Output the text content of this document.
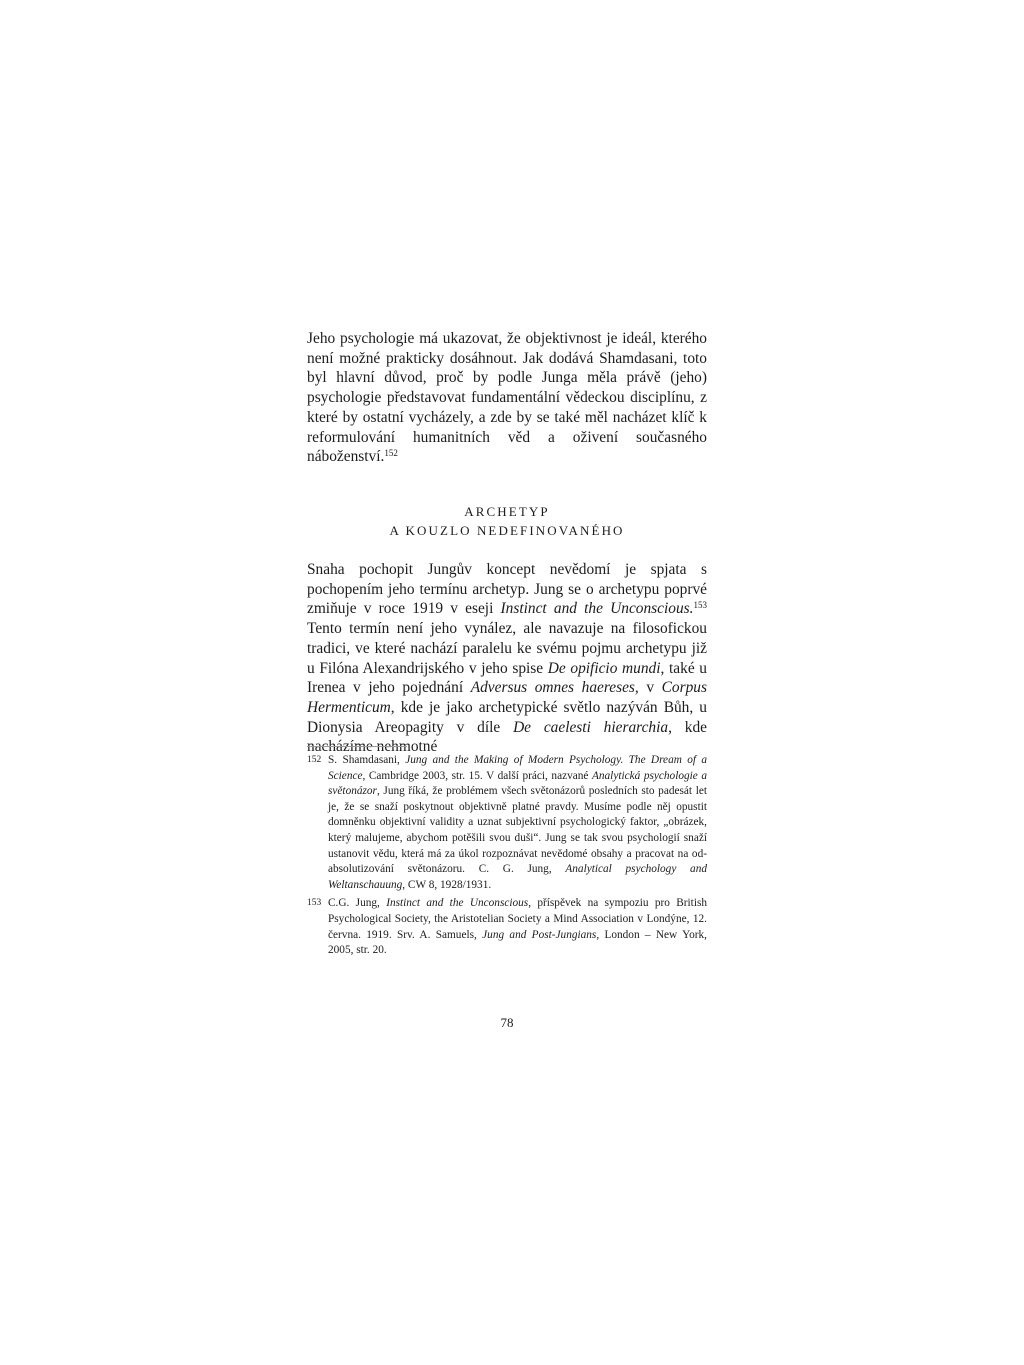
Jeho psychologie má ukazovat, že objektivnost je ideál, kterého není možné prakticky dosáhnout. Jak dodává Shamdasani, toto byl hlavní důvod, proč by podle Junga měla právě (jeho) psychologie představovat fundamentální vědeckou disciplínu, z které by ostatní vycházely, a zde by se také měl nacházet klíč k reformulování humanitních věd a oživení současného náboženství.$^{152}$

ARCHETYP
A KOUZLO NEDEFINOVANÉHO

Snaha pochopit Jungův koncept nevědomí je spjata s pochopením jeho termínu archetyp. Jung se o archetypu poprvé zmiňuje v roce 1919 v eseji Instinct and the Unconscious.$^{153}$ Tento termín není jeho vynález, ale navazuje na filosofickou tradici, ve které nachází paralelu ke svému pojmu archetypu již u Filóna Alexandrijského v jeho spise De opificio mundi, také u Irenea v jeho pojednání Adversus omnes haereses, v Corpus Hermenticum, kde je jako archetypické světlo nazýván Bůh, u Dionysia Areopagity v díle De caelesti hierarchia, kde nacházíme nehmotné

152 S. Shamdasani, Jung and the Making of Modern Psychology. The Dream of a Science, Cambridge 2003, str. 15. V další práci, nazvané Analytická psychologie a světonázor, Jung říká, že problémem všech světonázorů posledních sto padesát let je, že se snaží poskytnout objektivně platné pravdy. Musíme podle něj opustit domněnku objektivní validity a uznat subjektivní psychologický faktor, „obrázek, který malujeme, abychom potěšili svou duši“. Jung se tak svou psychologií snaží ustanovit vědu, která má za úkol rozpoznávat nevědomé obsahy a pracovat na od-absolutizování světonázoru. C. G. Jung, Analytical psychology and Weltanschauung, CW 8, 1928/1931.
153 C.G. Jung, Instinct and the Unconscious, příspěvek na sympoziu pro British Psychological Society, the Aristotelian Society a Mind Association v Londýne, 12. června. 1919. Srv. A. Samuels, Jung and Post-Jungians, London – New York, 2005, str. 20.
78
